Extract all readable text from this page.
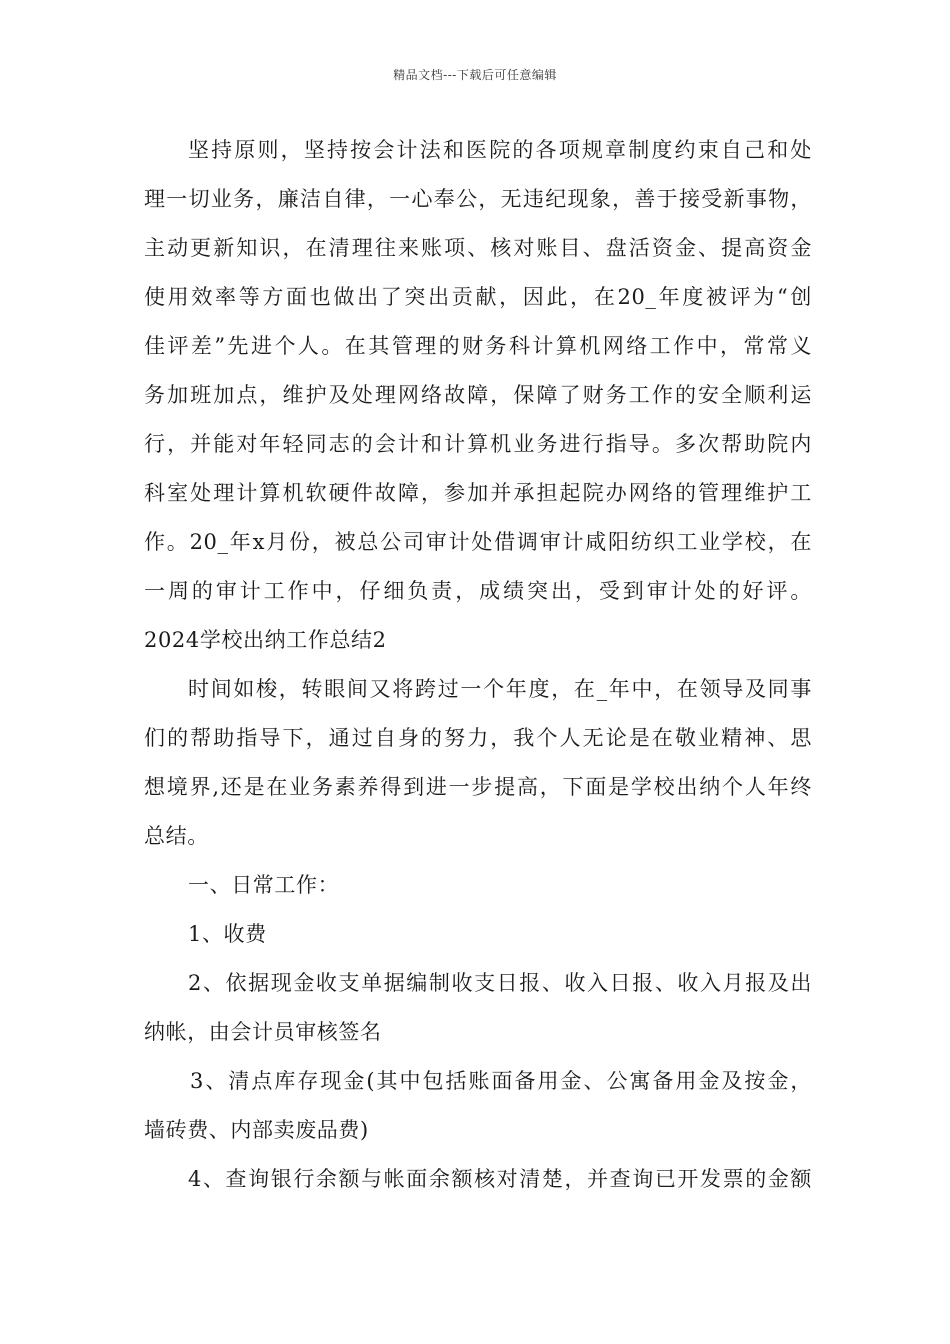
精品文档---下载后可任意编辑
坚持原则，坚持按会计法和医院的各项规章制度约束自己和处
理一切业务，廉洁自律，一心奉公，无违纪现象，善于接受新事物，
主动更新知识，在清理往来账项、核对账目、盘活资金、提高资金
使用效率等方面也做出了突出贡献，因此，在20_年度被评为“创
佳评差”先进个人。在其管理的财务科计算机网络工作中，常常义
务加班加点，维护及处理网络故障，保障了财务工作的安全顺利运
行，并能对年轻同志的会计和计算机业务进行指导。多次帮助院内
科室处理计算机软硬件故障，参加并承担起院办网络的管理维护工
作。20_年x月份，被总公司审计处借调审计咸阳纺织工业学校，在
一周的审计工作中，仔细负责，成绩突出，受到审计处的好评。
2024学校出纳工作总结2
时间如梭，转眼间又将跨过一个年度，在_年中，在领导及同事
们的帮助指导下，通过自身的努力，我个人无论是在敬业精神、思
想境界,还是在业务素养得到进一步提高，下面是学校出纳个人年终
总结。
一、日常工作：
1、收费
2、依据现金收支单据编制收支日报、收入日报、收入月报及出
纳帐，由会计员审核签名
3、清点库存现金(其中包括账面备用金、公寓备用金及按金，
墙砖费、内部卖废品费)
4、查询银行余额与帐面余额核对清楚，并查询已开发票的金额
